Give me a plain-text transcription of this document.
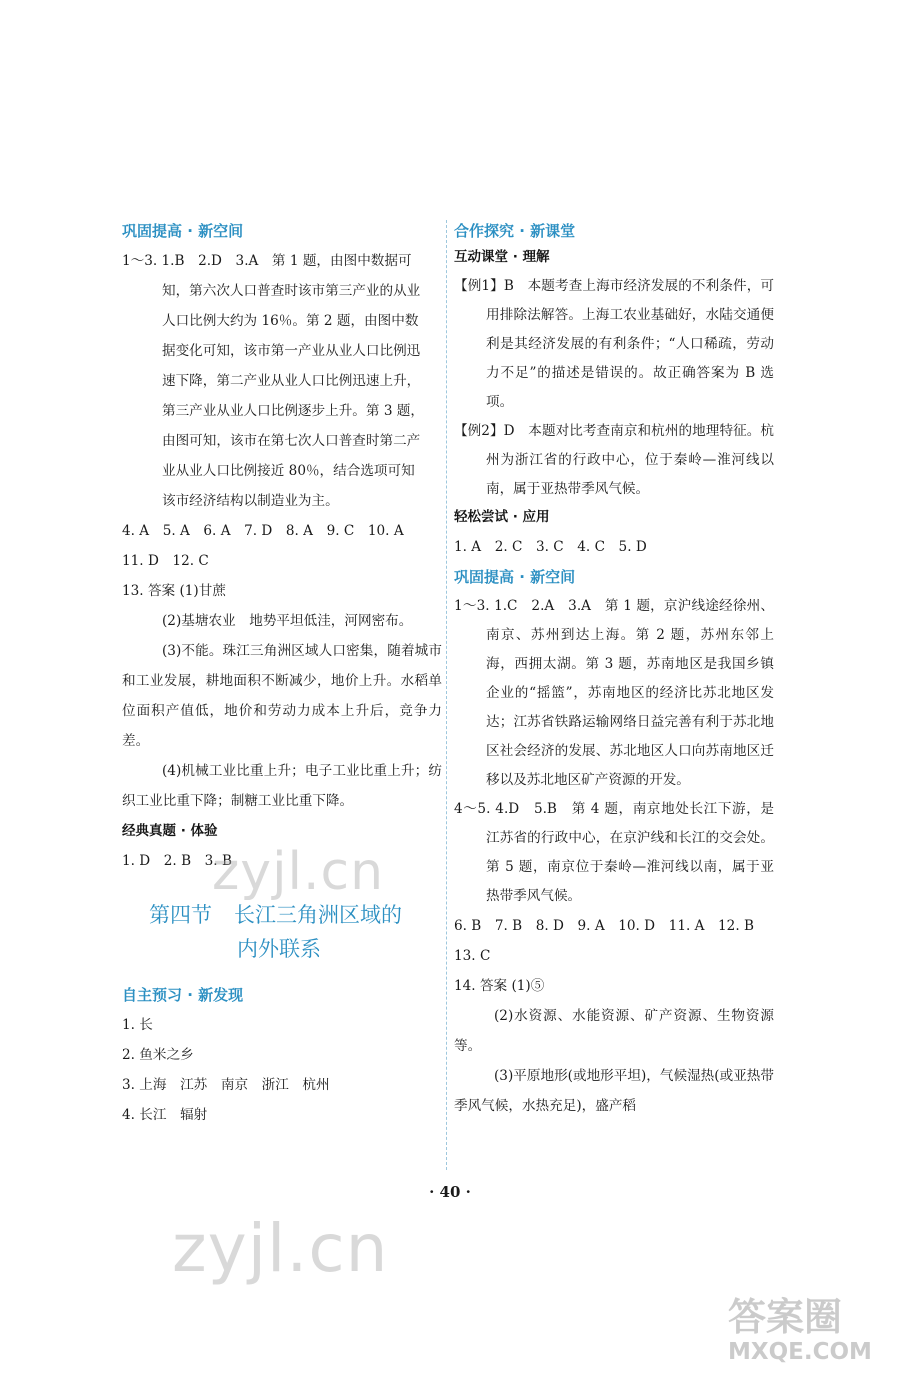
巩固提高 · 新空间
1～3. 1.B　2.D　3.A　第 1 题，由图中数据可
知，第六次人口普查时该市第三产业的从业
人口比例大约为 16％。第 2 题，由图中数
据变化可知，该市第一产业从业人口比例迅
速下降，第二产业从业人口比例迅速上升，
第三产业从业人口比例逐步上升。第 3 题，
由图可知，该市在第七次人口普查时第二产
业从业人口比例接近 80％，结合选项可知
该市经济结构以制造业为主。
4. A　5. A　6. A　7. D　8. A　9. C　10. A
11. D　12. C
13. 答案 (1)甘蔗
(2)基塘农业　地势平坦低洼，河网密布。
(3)不能。珠江三角洲区域人口密集，随着城市和工业发展，耕地面积不断减少，地价上升。水稻单位面积产值低，地价和劳动力成本上升后，竞争力差。
(4)机械工业比重上升；电子工业比重上升；纺织工业比重下降；制糖工业比重下降。
经典真题 · 体验
1. D　2. B　3. B
第四节 长江三角洲区域的
内外联系
自主预习 · 新发现
1. 长
2. 鱼米之乡
3. 上海　江苏　南京　浙江　杭州
4. 长江　辐射
合作探究 · 新课堂
互动课堂 · 理解
【例1】B　本题考查上海市经济发展的不利条件，可用排除法解答。上海工农业基础好，水陆交通便利是其经济发展的有利条件；“人口稀疏，劳动力不足”的描述是错误的。故正确答案为 B 选项。
【例2】D　本题对比考查南京和杭州的地理特征。杭州为浙江省的行政中心，位于秦岭—淮河线以南，属于亚热带季风气候。
轻松尝试 · 应用
1. A　2. C　3. C　4. C　5. D
巩固提高 · 新空间
1～3. 1.C　2.A　3.A　第 1 题，京沪线途经徐州、南京、苏州到达上海。第 2 题，苏州东邻上海，西拥太湖。第 3 题，苏南地区是我国乡镇企业的“摇篮”，苏南地区的经济比苏北地区发达；江苏省铁路运输网络日益完善有利于苏北地区社会经济的发展、苏北地区人口向苏南地区迁移以及苏北地区矿产资源的开发。
4～5. 4.D　5.B　第 4 题，南京地处长江下游，是江苏省的行政中心，在京沪线和长江的交会处。第 5 题，南京位于秦岭—淮河线以南，属于亚热带季风气候。
6. B　7. B　8. D　9. A　10. D　11. A　12. B
13. C
14. 答案 (1)⑤
(2)水资源、水能资源、矿产资源、生物资源等。
(3)平原地形(或地形平坦)，气候湿热(或亚热带季风气候，水热充足)，盛产稻
· 40 ·
zyjl.cn
zyjl.cn
答案圈
MXQE.COM
